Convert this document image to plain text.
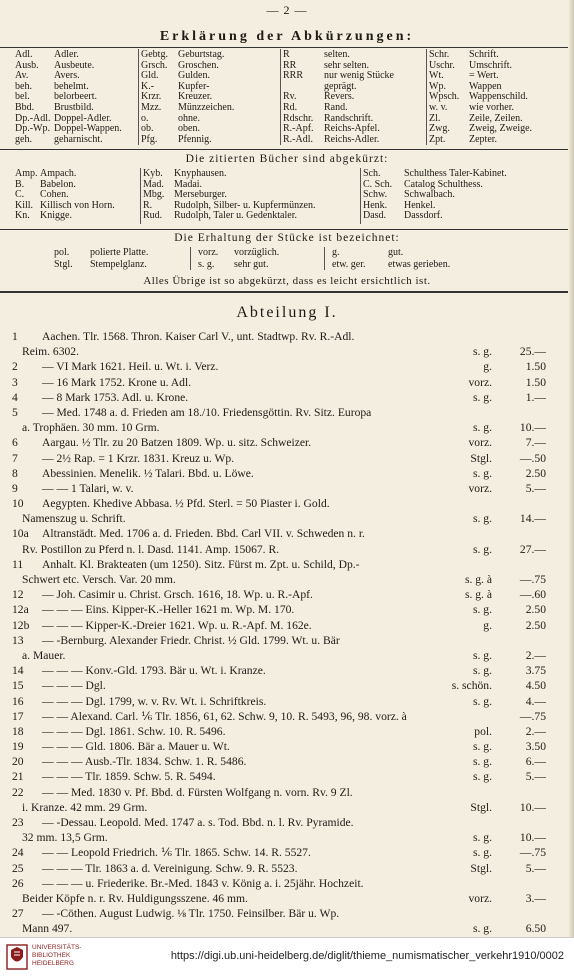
— 2 —
Erklärung der Abkürzungen:
Adl. Adler.
Ausb. Ausbeute.
Av.	Avers.
beh. behelmt.
bel. belorbeert.
Bbd. Brustbild.
Dp.-Adl. Doppel-Adler.
Dp.-Wp. Doppel-Wappen.
geh. geharnischt.
Gebtg. Geburtstag.
Grsch. Groschen.
Gld. Gulden.
K.- Kupfer-
Krzr. Kreuzer.
Mzz. Münzzeichen.
o.	ohne.
ob. oben.
Pfg. Pfennig.
R	selten.
RR	sehr selten.
RRR nur wenig Stücke
geprägt.
Rv.	Revers.
Rd.	Rand.
Rdschr. Randschrift.
R.-Apf. Reichs-Apfel.
R.-Adl. Reichs-Adler.
Schr. Schrift.
Uschr. Umschrift.
Wt.	= Wert.
Wp. Wappen
Wpsch. Wappenschild.
w. v. wie vorher.
Zl.	Zeile, Zeilen.
Zwg. Zweig, Zweige.
Zpt. Zepter.
Die zitierten Bücher sind abgekürzt:
Amp. Ampach.
B. Babelon.
C. Cohen.
Kill. Killisch von Horn.
Kn. Knigge.
Kyb. Knyphausen.
Mad. Madai.
Mbg. Merseburger.
R. Rudolph, Silber- u. Kupfermünzen.
Rud. Rudolph, Taler u. Gedenktaler.
Sch. Schulthess Taler-Kabinet.
C. Sch. Catalog Schulthess.
Schw. Schwalbach.
Henk. Henkel.
Dasd. Dassdorf.
Die Erhaltung der Stücke ist bezeichnet:
pol. polierte Platte.	vorz. vorzüglich.	g.	gut.
Stgl. Stempelglanz.	s. g. sehr gut.	etw. ger. etwas gerieben.
Alles Übrige ist so abgekürzt, dass es leicht ersichtlich ist.
Abteilung I.
1 Aachen. Tlr. 1568. Thron. Kaiser Carl V., unt. Stadtwp. Rv. R.-Adl.
Reim. 6302.	s. g. 25.—
2 — VI Mark 1621. Heil. u. Wt. i. Verz.	g.	1.50
3 — 16 Mark 1752. Krone u. Adl.	vorz.	1.50
4 — 8 Mark 1753. Adl. u. Krone.	s. g.	1.—
5 — Med. 1748 a. d. Frieden am 18./10. Friedensgöttin. Rv. Sitz. Europa
a. Trophäen. 30 mm. 10 Grm.	s. g. 10.—
6 Aargau. ½ Tlr. zu 20 Batzen 1809. Wp. u. sitz. Schweizer.	vorz.	7.—
7 — 2½ Rap. = 1 Krzr. 1831. Kreuz u. Wp.	Stgl. —.50
8 Abessinien. Menelik. ½ Talari. Bbd. u. Löwe.	s. g.	2.50
9 — — 1 Talari, w. v.	vorz.	5.—
10 Aegypten. Khedive Abbasa. ½ Pfd. Sterl. = 50 Piaster i. Gold.
Namenszug u. Schrift.	s. g. 14.—
10a Altranstädt. Med. 1706 a. d. Frieden. Bbd. Carl VII. v. Schweden n. r.
Rv. Postillon zu Pferd n. l. Dasd. 1141. Amp. 15067. R.	s. g. 27.—
11 Anhalt. Kl. Brakteaten (um 1250). Sitz. Fürst m. Zpt. u. Schild, Dp.-
Schwert etc. Versch. Var. 20 mm.	s. g. à —.75
12 — Joh. Casimir u. Christ. Grsch. 1616, 18. Wp. u. R.-Apf.	s. g. à —.60
12a — — — Eins. Kipper-K.-Heller 1621 m. Wp. M. 170.	s. g.	2.50
12b — — — Kipper-K.-Dreier 1621. Wp. u. R.-Apf. M. 162e.	g.	2.50
13 — -Bernburg. Alexander Friedr. Christ. ½ Gld. 1799. Wt. u. Bär
a. Mauer.	s. g.	2.—
14 — — — Konv.-Gld. 1793. Bär u. Wt. i. Kranze.	s. g.	3.75
15 — — — Dgl.	s. schön.	4.50
16 — — — Dgl. 1799, w. v. Rv. Wt. i. Schriftkreis.	s. g.	4.—
17 — — Alexand. Carl. ⅙ Tlr. 1856, 61, 62. Schw. 9, 10. R. 5493, 96, 98. vorz. à	—.75
18 — — — Dgl. 1861. Schw. 10. R. 5496.	pol.	2.—
19 — — — Gld. 1806. Bär a. Mauer u. Wt.	s. g.	3.50
20 — — — Ausb.-Tlr. 1834. Schw. 1. R. 5486.	s. g.	6.—
21 — — — Tlr. 1859. Schw. 5. R. 5494.	s. g.	5.—
22 — — Med. 1830 v. Pf. Bbd. d. Fürsten Wolfgang n. vorn. Rv. 9 Zl.
i. Kranze. 42 mm. 29 Grm.	Stgl. 10.—
23 — -Dessau. Leopold. Med. 1747 a. s. Tod. Bbd. n. l. Rv. Pyramide.
32 mm. 13,5 Grm.	s. g. 10.—
24 — — Leopold Friedrich. ⅙ Tlr. 1865. Schw. 14. R. 5527.	s. g. —.75
25 — — — Tlr. 1863 a. d. Vereinigung. Schw. 9. R. 5523.	Stgl.	5.—
26 — — — u. Friederike. Br.-Med. 1843 v. König a. i. 25jähr. Hochzeit.
Beider Köpfe n. r. Rv. Huldigungsszene. 46 mm.	vorz.	3.—
27 — -Cöthen. August Ludwig. ⅛ Tlr. 1750. Feinsilber. Bär u. Wp.
Mann 497.	s. g.	6.50
UNIVERSITÄTS-
BIBLIOTHEK
HEIDELBERG
https://digi.ub.uni-heidelberg.de/diglit/thieme_numismatischer_verkehr1910/0002
